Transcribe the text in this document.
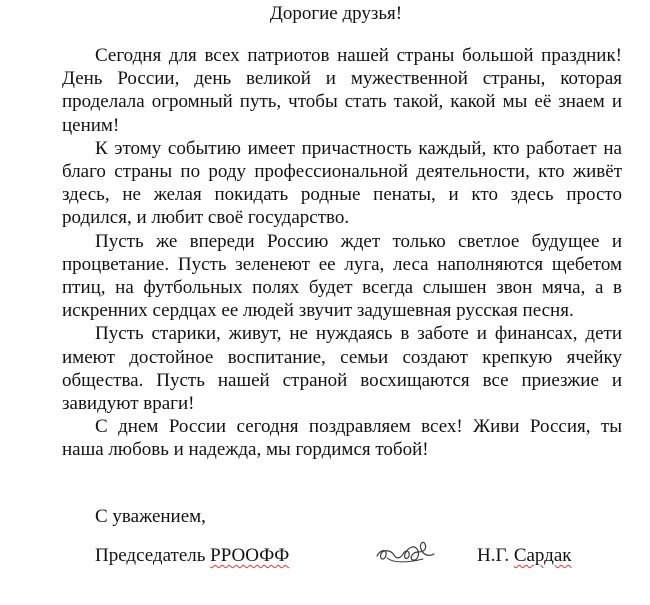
Дорогие друзья!

Сегодня для всех патриотов нашей страны большой праздник! День России, день великой и мужественной страны, которая проделала огромный путь, чтобы стать такой, какой мы её знаем и ценим!

К этому событию имеет причастность каждый, кто работает на благо страны по роду профессиональной деятельности, кто живёт здесь, не желая покидать родные пенаты, и кто здесь просто родился, и любит своё государство.

Пусть же впереди Россию ждет только светлое будущее и процветание. Пусть зеленеют ее луга, леса наполняются щебетом птиц, на футбольных полях будет всегда слышен звон мяча, а в искренних сердцах ее людей звучит задушевная русская песня.

Пусть старики, живут, не нуждаясь в заботе и финансах, дети имеют достойное воспитание, семьи создают крепкую ячейку общества. Пусть нашей страной восхищаются все приезжие и завидуют враги!

С днем России сегодня поздравляем всех! Живи Россия, ты наша любовь и надежда, мы гордимся тобой!

С уважением,
Председатель РРООФФ	Н.Г. Сардак
